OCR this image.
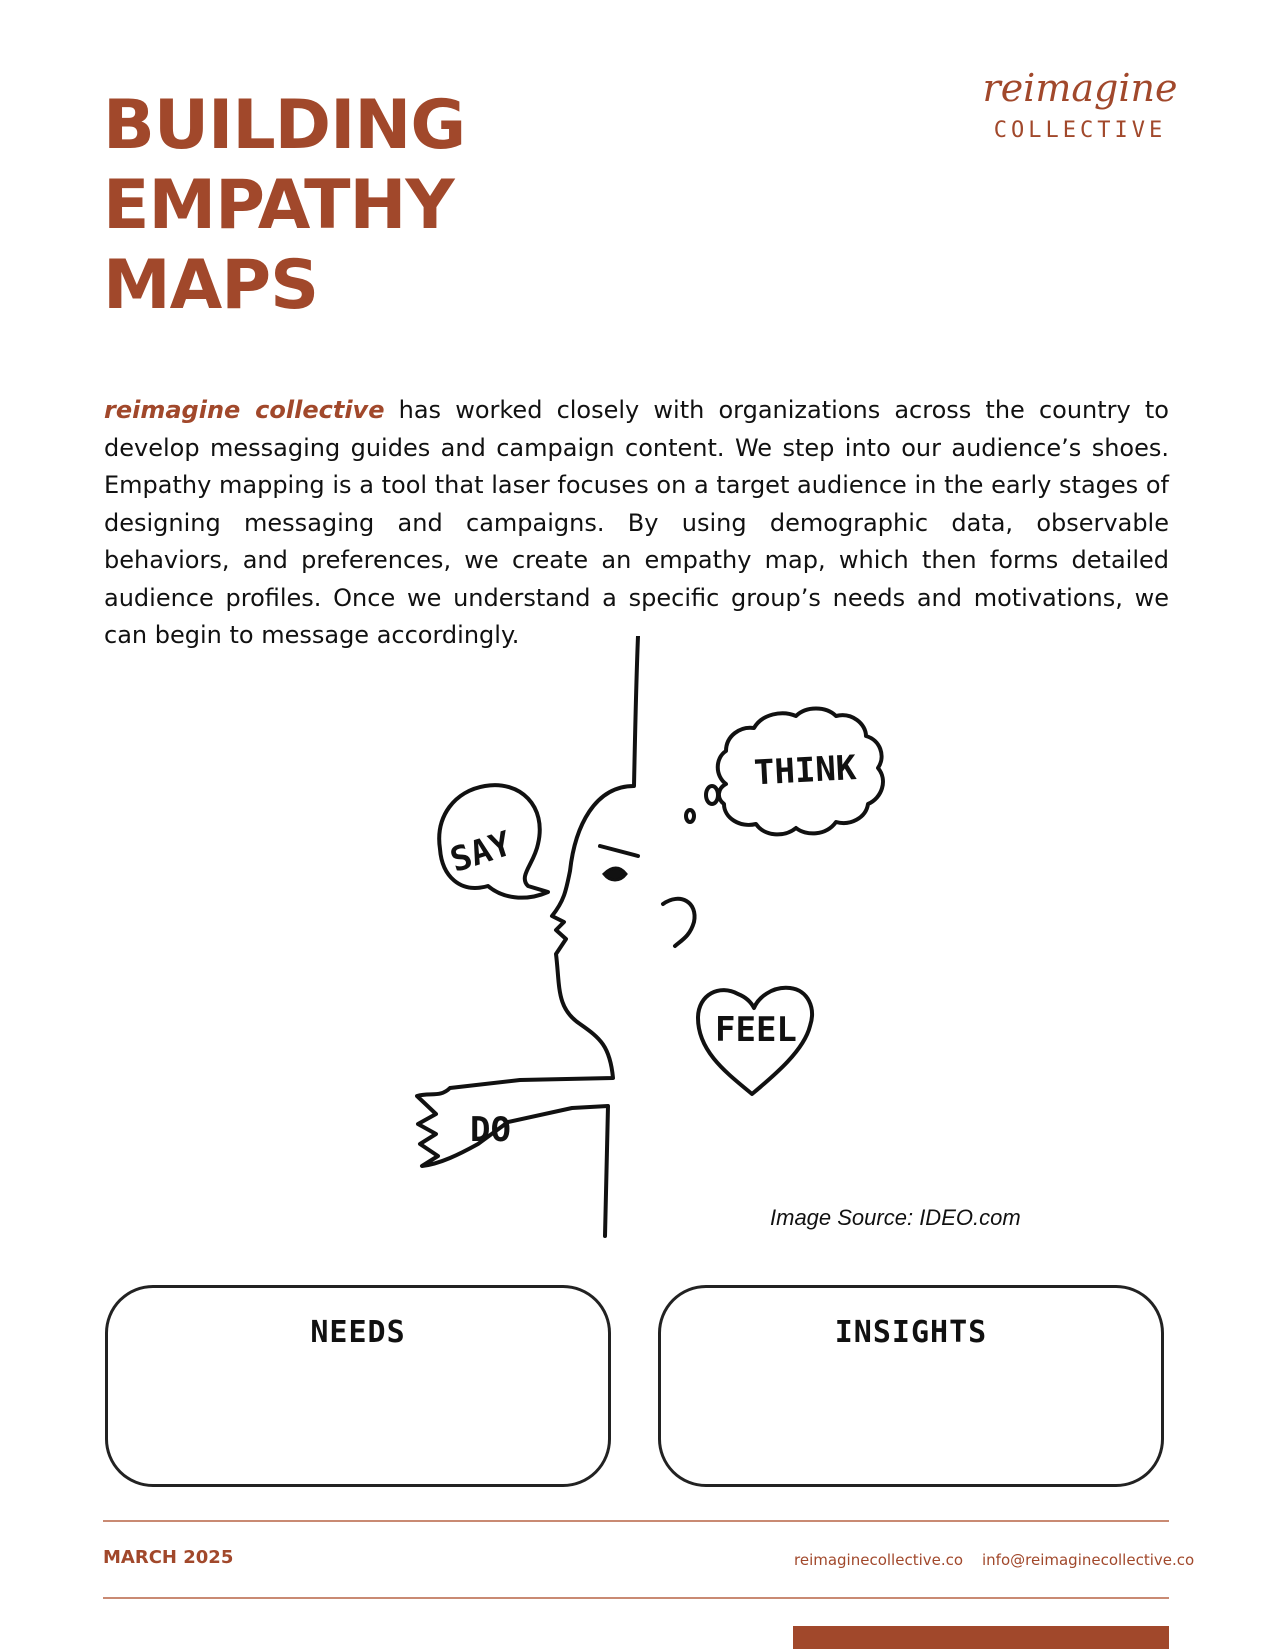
BUILDING
EMPATHY
MAPS
reimagine
COLLECTIVE

reimagine collective has worked closely with organizations across the country to develop messaging guides and campaign content. We step into our audience’s shoes. Empathy mapping is a tool that laser focuses on a target audience in the early stages of designing messaging and campaigns. By using demographic data, observable behaviors, and preferences, we create an empathy map, which then forms detailed audience profiles. Once we understand a specific group’s needs and motivations, we can begin to message accordingly.

SAY
THINK
FEEL
DO
Image Source: IDEO.com
NEEDS	INSIGHTS
MARCH 2025	reimaginecollective.co info@reimaginecollective.co
